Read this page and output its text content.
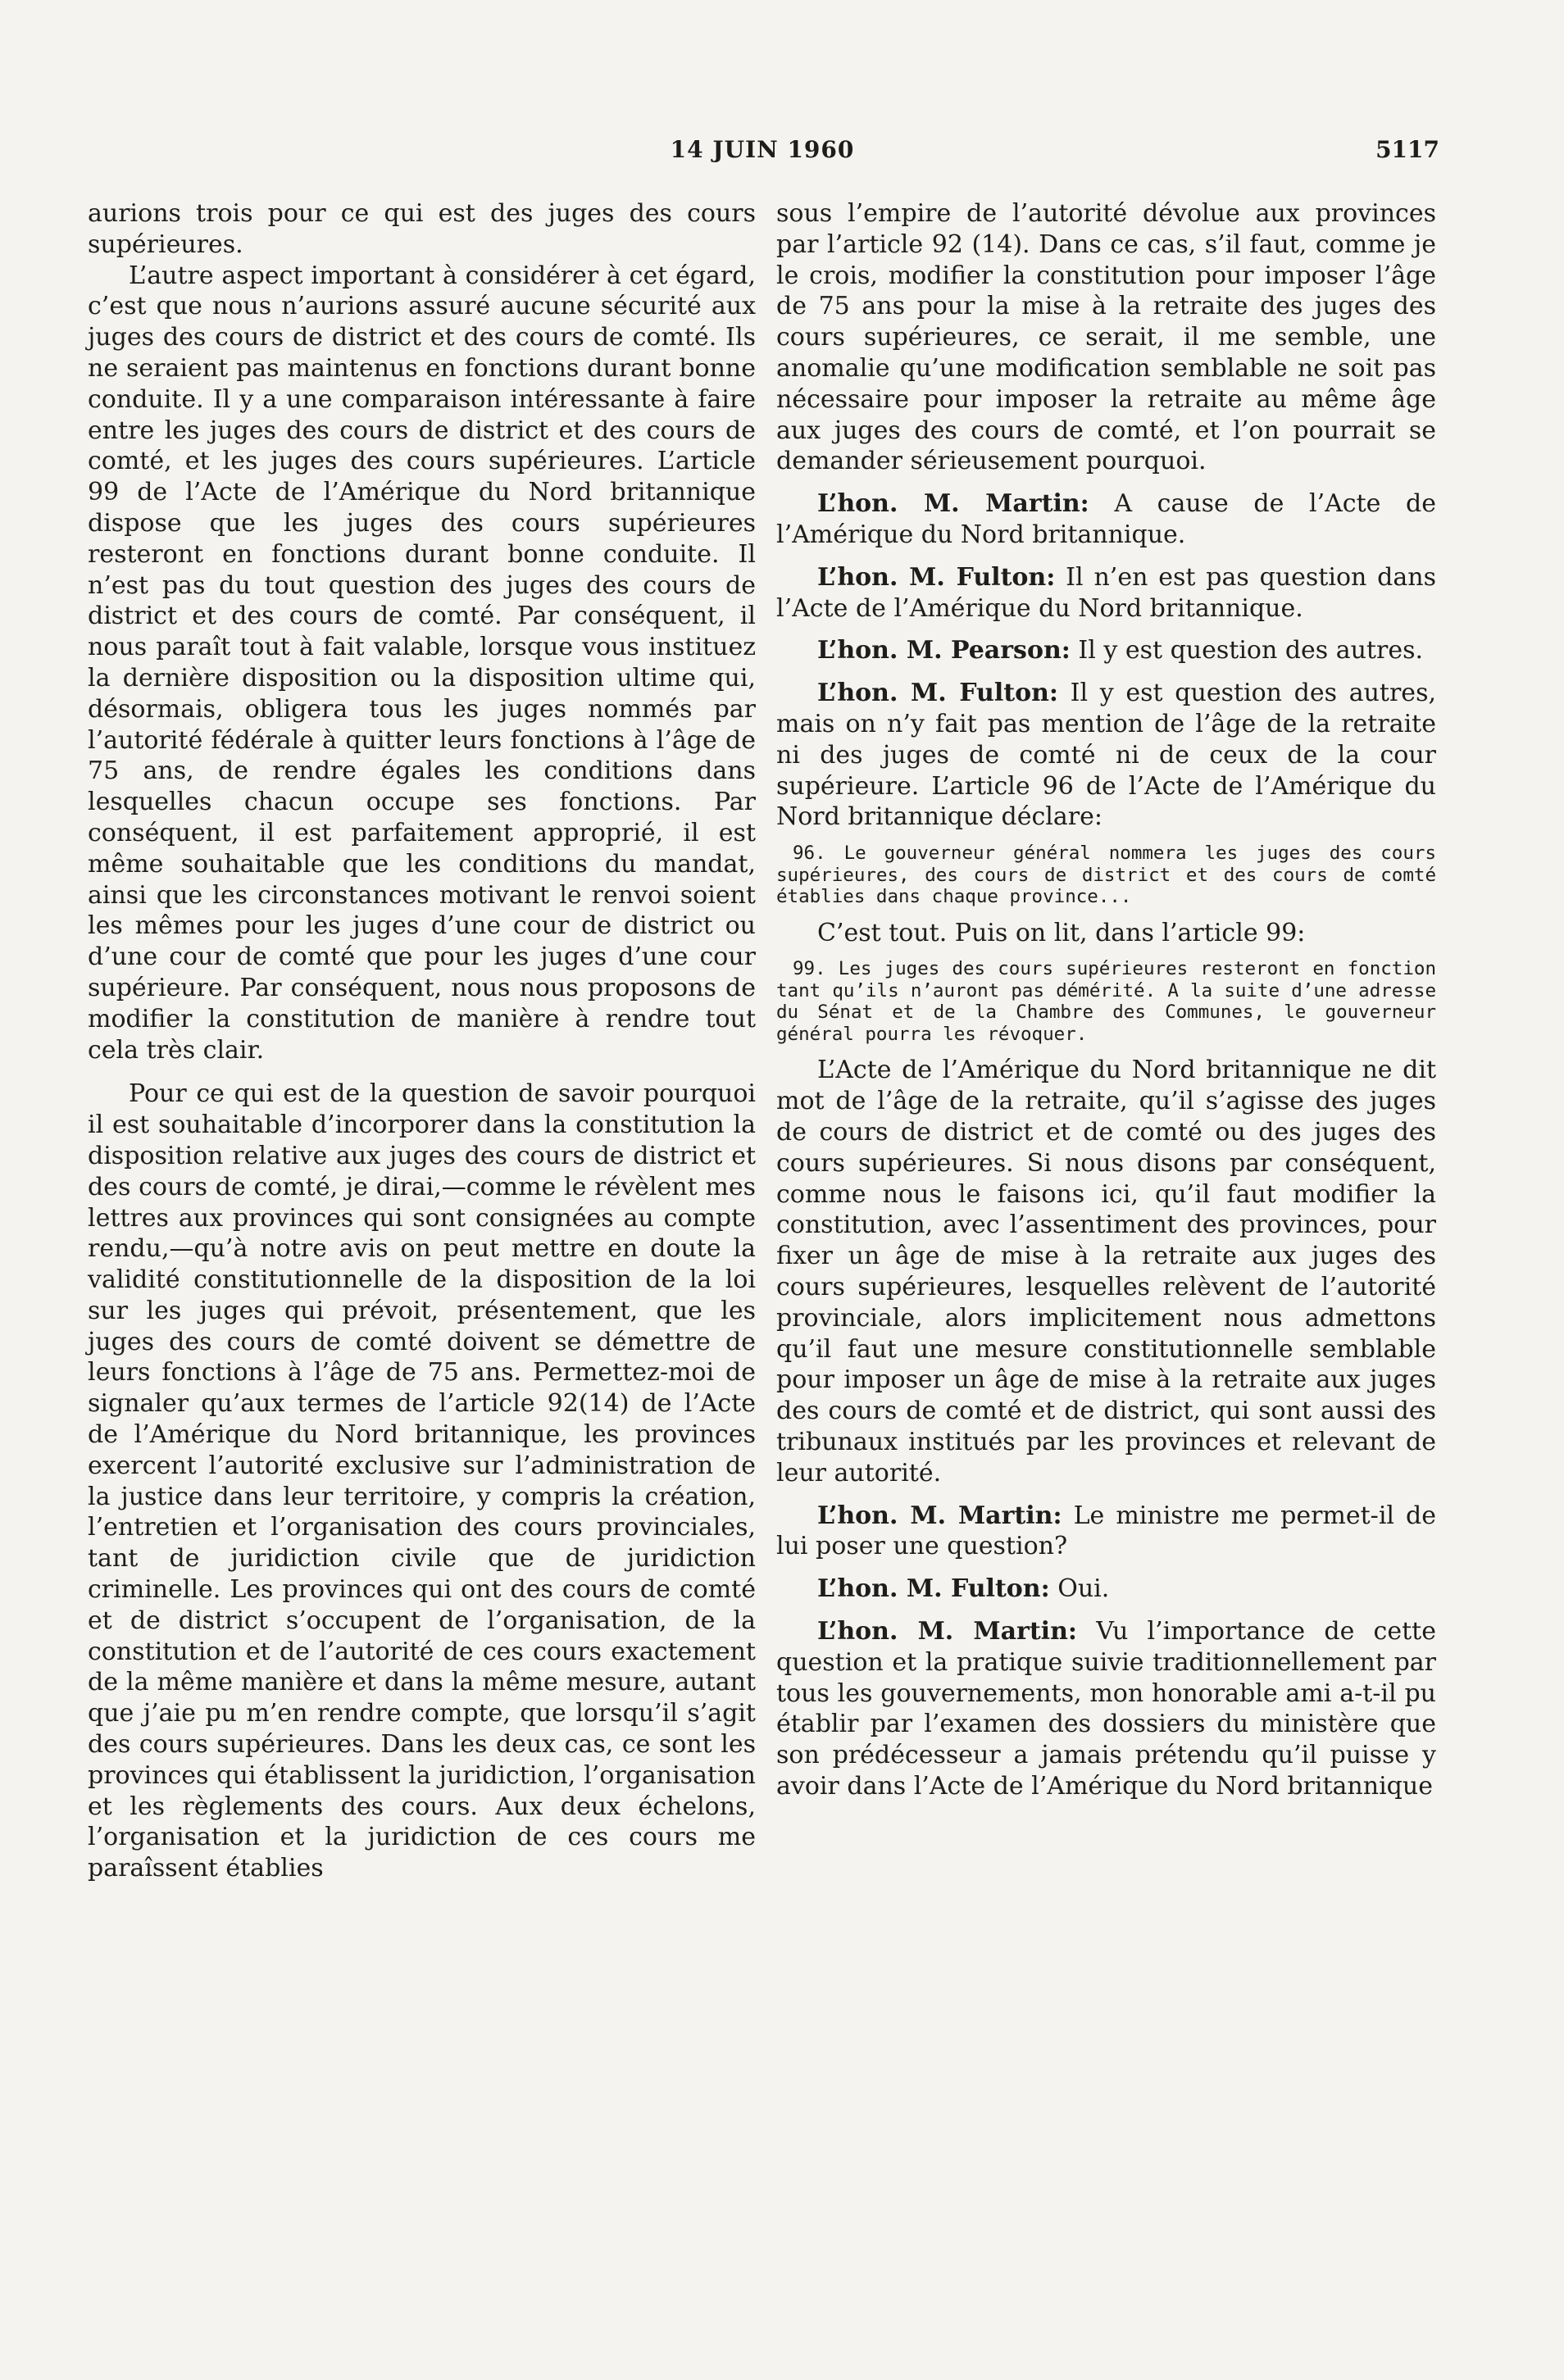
14 JUIN 1960	5117

aurions trois pour ce qui est des juges des cours supérieures.

L’autre aspect important à considérer à cet égard, c’est que nous n’aurions assuré aucune sécurité aux juges des cours de district et des cours de comté. Ils ne seraient pas maintenus en fonctions durant bonne conduite. Il y a une comparaison intéressante à faire entre les juges des cours de district et des cours de comté, et les juges des cours supérieures. L’article 99 de l’Acte de l’Amérique du Nord britannique dispose que les juges des cours supérieures resteront en fonctions durant bonne conduite. Il n’est pas du tout question des juges des cours de district et des cours de comté. Par conséquent, il nous paraît tout à fait valable, lorsque vous instituez la dernière disposition ou la disposition ultime qui, désormais, obligera tous les juges nommés par l’autorité fédérale à quitter leurs fonctions à l’âge de 75 ans, de rendre égales les conditions dans lesquelles chacun occupe ses fonctions. Par conséquent, il est parfaitement approprié, il est même souhaitable que les conditions du mandat, ainsi que les circonstances motivant le renvoi soient les mêmes pour les juges d’une cour de district ou d’une cour de comté que pour les juges d’une cour supérieure. Par conséquent, nous nous proposons de modifier la constitution de manière à rendre tout cela très clair.

Pour ce qui est de la question de savoir pourquoi il est souhaitable d’incorporer dans la constitution la disposition relative aux juges des cours de district et des cours de comté, je dirai,—comme le révèlent mes lettres aux provinces qui sont consignées au compte rendu,—qu’à notre avis on peut mettre en doute la validité constitutionnelle de la disposition de la loi sur les juges qui prévoit, présentement, que les juges des cours de comté doivent se démettre de leurs fonctions à l’âge de 75 ans. Permettez-moi de signaler qu’aux termes de l’article 92(14) de l’Acte de l’Amérique du Nord britannique, les provinces exercent l’autorité exclusive sur l’administration de la justice dans leur territoire, y compris la création, l’entretien et l’organisation des cours provinciales, tant de juridiction civile que de juridiction criminelle. Les provinces qui ont des cours de comté et de district s’occupent de l’organisation, de la constitution et de l’autorité de ces cours exactement de la même manière et dans la même mesure, autant que j’aie pu m’en rendre compte, que lorsqu’il s’agit des cours supérieures. Dans les deux cas, ce sont les provinces qui établissent la juridiction, l’organisation et les règlements des cours. Aux deux échelons, l’organisation et la juridiction de ces cours me paraîssent établies

sous l’empire de l’autorité dévolue aux provinces par l’article 92 (14). Dans ce cas, s’il faut, comme je le crois, modifier la constitution pour imposer l’âge de 75 ans pour la mise à la retraite des juges des cours supérieures, ce serait, il me semble, une anomalie qu’une modification semblable ne soit pas nécessaire pour imposer la retraite au même âge aux juges des cours de comté, et l’on pourrait se demander sérieusement pourquoi.

L’hon. M. Martin: A cause de l’Acte de l’Amérique du Nord britannique.

L’hon. M. Fulton: Il n’en est pas question dans l’Acte de l’Amérique du Nord britannique.

L’hon. M. Pearson: Il y est question des autres.

L’hon. M. Fulton: Il y est question des autres, mais on n’y fait pas mention de l’âge de la retraite ni des juges de comté ni de ceux de la cour supérieure. L’article 96 de l’Acte de l’Amérique du Nord britannique déclare:

96. Le gouverneur général nommera les juges des cours supérieures, des cours de district et des cours de comté établies dans chaque province...

C’est tout. Puis on lit, dans l’article 99:

99. Les juges des cours supérieures resteront en fonction tant qu’ils n’auront pas démérité. A la suite d’une adresse du Sénat et de la Chambre des Communes, le gouverneur général pourra les révoquer.

L’Acte de l’Amérique du Nord britannique ne dit mot de l’âge de la retraite, qu’il s’agisse des juges de cours de district et de comté ou des juges des cours supérieures. Si nous disons par conséquent, comme nous le faisons ici, qu’il faut modifier la constitution, avec l’assentiment des provinces, pour fixer un âge de mise à la retraite aux juges des cours supérieures, lesquelles relèvent de l’autorité provinciale, alors implicitement nous admettons qu’il faut une mesure constitutionnelle semblable pour imposer un âge de mise à la retraite aux juges des cours de comté et de district, qui sont aussi des tribunaux institués par les provinces et relevant de leur autorité.

L’hon. M. Martin: Le ministre me permet-il de lui poser une question?

L’hon. M. Fulton: Oui.

L’hon. M. Martin: Vu l’importance de cette question et la pratique suivie traditionnellement par tous les gouvernements, mon honorable ami a-t-il pu établir par l’examen des dossiers du ministère que son prédécesseur a jamais prétendu qu’il puisse y avoir dans l’Acte de l’Amérique du Nord britannique
